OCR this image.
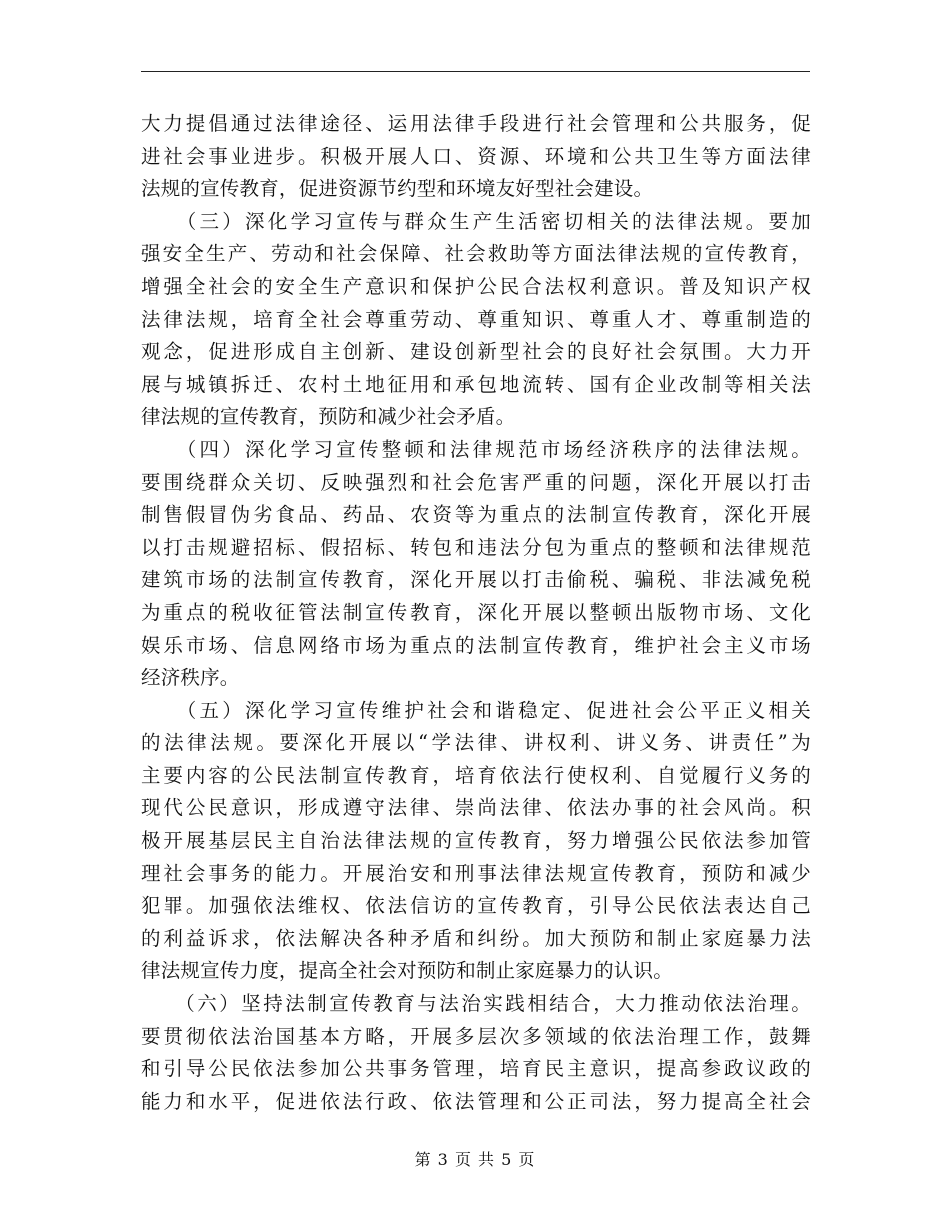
大力提倡通过法律途径、运用法律手段进行社会管理和公共服务，促
进社会事业进步。积极开展人口、资源、环境和公共卫生等方面法律
法规的宣传教育，促进资源节约型和环境友好型社会建设。
　　（三）深化学习宣传与群众生产生活密切相关的法律法规。要加
强安全生产、劳动和社会保障、社会救助等方面法律法规的宣传教育，
增强全社会的安全生产意识和保护公民合法权利意识。普及知识产权
法律法规，培育全社会尊重劳动、尊重知识、尊重人才、尊重制造的
观念，促进形成自主创新、建设创新型社会的良好社会氛围。大力开
展与城镇拆迁、农村土地征用和承包地流转、国有企业改制等相关法
律法规的宣传教育，预防和减少社会矛盾。
　　（四）深化学习宣传整顿和法律规范市场经济秩序的法律法规。
要围绕群众关切、反映强烈和社会危害严重的问题，深化开展以打击
制售假冒伪劣食品、药品、农资等为重点的法制宣传教育，深化开展
以打击规避招标、假招标、转包和违法分包为重点的整顿和法律规范
建筑市场的法制宣传教育，深化开展以打击偷税、骗税、非法减免税
为重点的税收征管法制宣传教育，深化开展以整顿出版物市场、文化
娱乐市场、信息网络市场为重点的法制宣传教育，维护社会主义市场
经济秩序。
　　（五）深化学习宣传维护社会和谐稳定、促进社会公平正义相关
的法律法规。要深化开展以“学法律、讲权利、讲义务、讲责任”为
主要内容的公民法制宣传教育，培育依法行使权利、自觉履行义务的
现代公民意识，形成遵守法律、崇尚法律、依法办事的社会风尚。积
极开展基层民主自治法律法规的宣传教育，努力增强公民依法参加管
理社会事务的能力。开展治安和刑事法律法规宣传教育，预防和减少
犯罪。加强依法维权、依法信访的宣传教育，引导公民依法表达自己
的利益诉求，依法解决各种矛盾和纠纷。加大预防和制止家庭暴力法
律法规宣传力度，提高全社会对预防和制止家庭暴力的认识。
　　（六）坚持法制宣传教育与法治实践相结合，大力推动依法治理。
要贯彻依法治国基本方略，开展多层次多领域的依法治理工作，鼓舞
和引导公民依法参加公共事务管理，培育民主意识，提高参政议政的
能力和水平，促进依法行政、依法管理和公正司法，努力提高全社会
第 3 页 共 5 页
